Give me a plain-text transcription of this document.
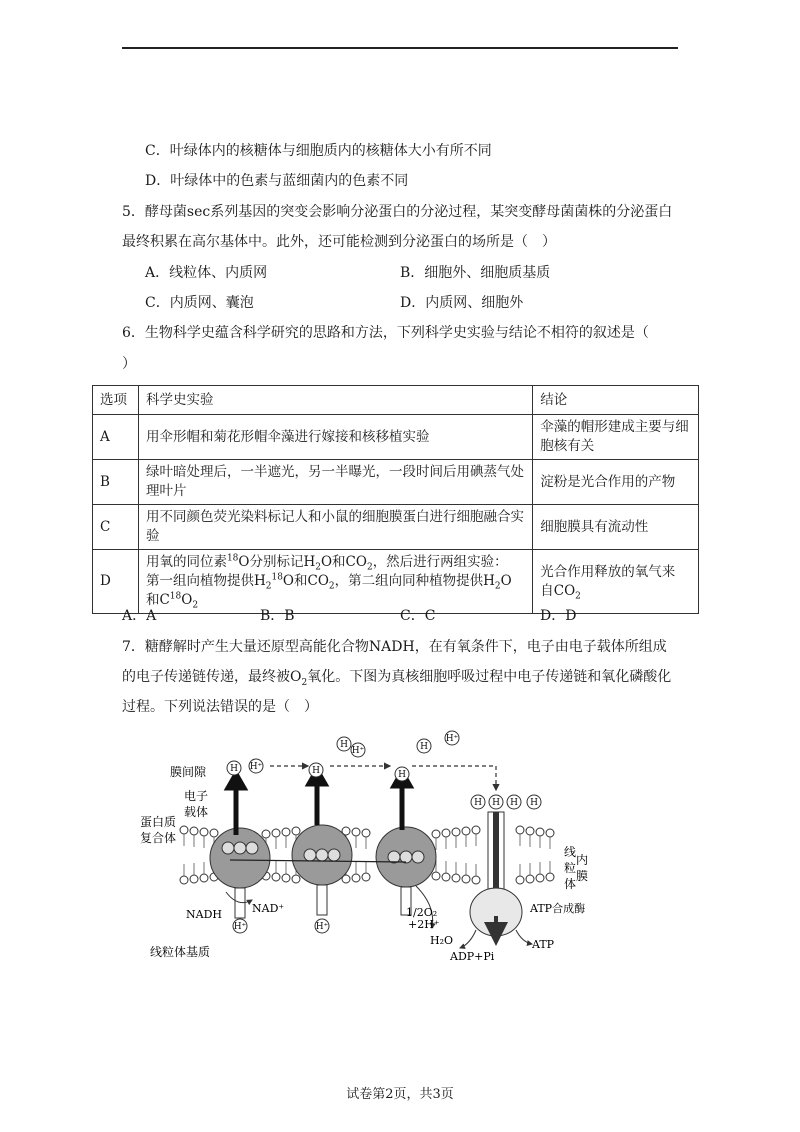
C．叶绿体内的核糖体与细胞质内的核糖体大小有所不同
D．叶绿体中的色素与蓝细菌内的色素不同
5．酵母菌sec系列基因的突变会影响分泌蛋白的分泌过程，某突变酵母菌菌株的分泌蛋白
最终积累在高尔基体中。此外，还可能检测到分泌蛋白的场所是（　）
A．线粒体、内质网	B．细胞外、细胞质基质
C．内质网、囊泡	D．内质网、细胞外
6．生物科学史蕴含科学研究的思路和方法，下列科学史实验与结论不相符的叙述是（
）
选项	科学史实验	结论
A	用伞形帽和菊花形帽伞藻进行嫁接和核移植实验	伞藻的帽形建成主要与细胞核有关
B	绿叶暗处理后，一半遮光，另一半曝光，一段时间后用碘蒸气处理叶片	淀粉是光合作用的产物
C	用不同颜色荧光染料标记人和小鼠的细胞膜蛋白进行细胞融合实验	细胞膜具有流动性
D	用氧的同位素$^{18}$O分别标记$H_2O$和$CO_2$，然后进行两组实验：
第一组向植物提供$H_2^{18}O$和$CO_2$，第二组向同种植物提供$H_2O$
和$C^{18}O_2$	光合作用释放的氧气来
自$CO_2$
A．A	B．B	C．C	D．D
7．糖酵解时产生大量还原型高能化合物NADH，在有氧条件下，电子由电子载体所组成
的电子传递链传递，最终被$O_2$氧化。下图为真核细胞呼吸过程中电子传递链和氧化磷酸化
过程。下列说法错误的是（　）
H H⁺	H
H
H⁺
H
H
H⁺
H H H H
H⁺	H⁺
膜间隙
电子
载体
蛋白质
复合体
线粒体基质
线
内
粒
膜
体
NADH	NAD⁺	1/2O₂
+2H⁺
H₂O
ADP+Pi
ATP
ATP合成酶
试卷第2页，共3页
